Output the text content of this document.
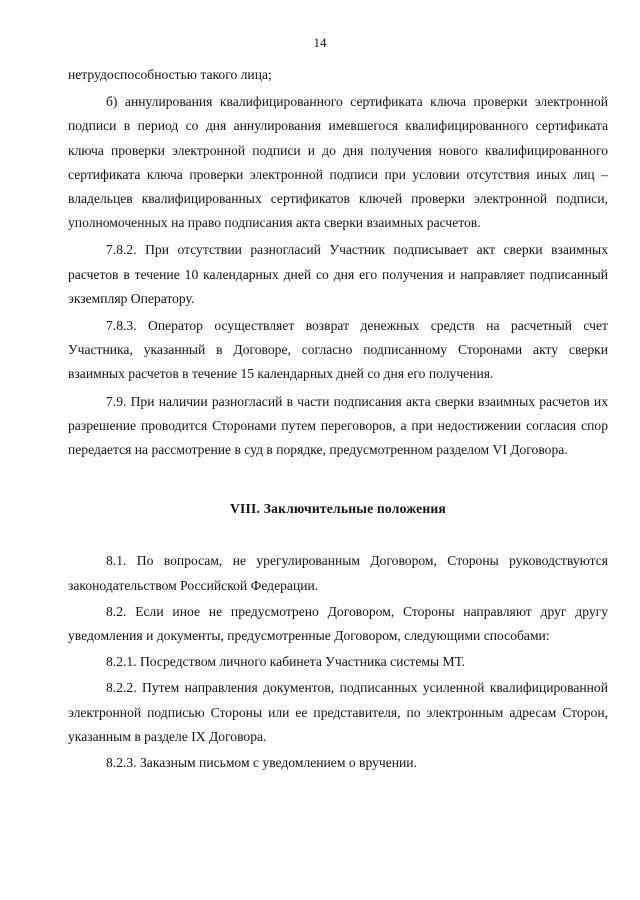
14

нетрудоспособностью такого лица;

б) аннулирования квалифицированного сертификата ключа проверки электронной подписи в период со дня аннулирования имевшегося квалифицированного сертификата ключа проверки электронной подписи и до дня получения нового квалифицированного сертификата ключа проверки электронной подписи при условии отсутствия иных лиц – владельцев квалифицированных сертификатов ключей проверки электронной подписи, уполномоченных на право подписания акта сверки взаимных расчетов.

7.8.2. При отсутствии разногласий Участник подписывает акт сверки взаимных расчетов в течение 10 календарных дней со дня его получения и направляет подписанный экземпляр Оператору.

7.8.3. Оператор осуществляет возврат денежных средств на расчетный счет Участника, указанный в Договоре, согласно подписанному Сторонами акту сверки взаимных расчетов в течение 15 календарных дней со дня его получения.

7.9. При наличии разногласий в части подписания акта сверки взаимных расчетов их разрешение проводится Сторонами путем переговоров, а при недостижении согласия спор передается на рассмотрение в суд в порядке, предусмотренном разделом VI Договора.

VIII. Заключительные положения

8.1. По вопросам, не урегулированным Договором, Стороны руководствуются законодательством Российской Федерации.

8.2. Если иное не предусмотрено Договором, Стороны направляют друг другу уведомления и документы, предусмотренные Договором, следующими способами:

8.2.1. Посредством личного кабинета Участника системы МТ.

8.2.2. Путем направления документов, подписанных усиленной квалифицированной электронной подписью Стороны или ее представителя, по электронным адресам Сторон, указанным в разделе IX Договора.

8.2.3. Заказным письмом с уведомлением о вручении.
